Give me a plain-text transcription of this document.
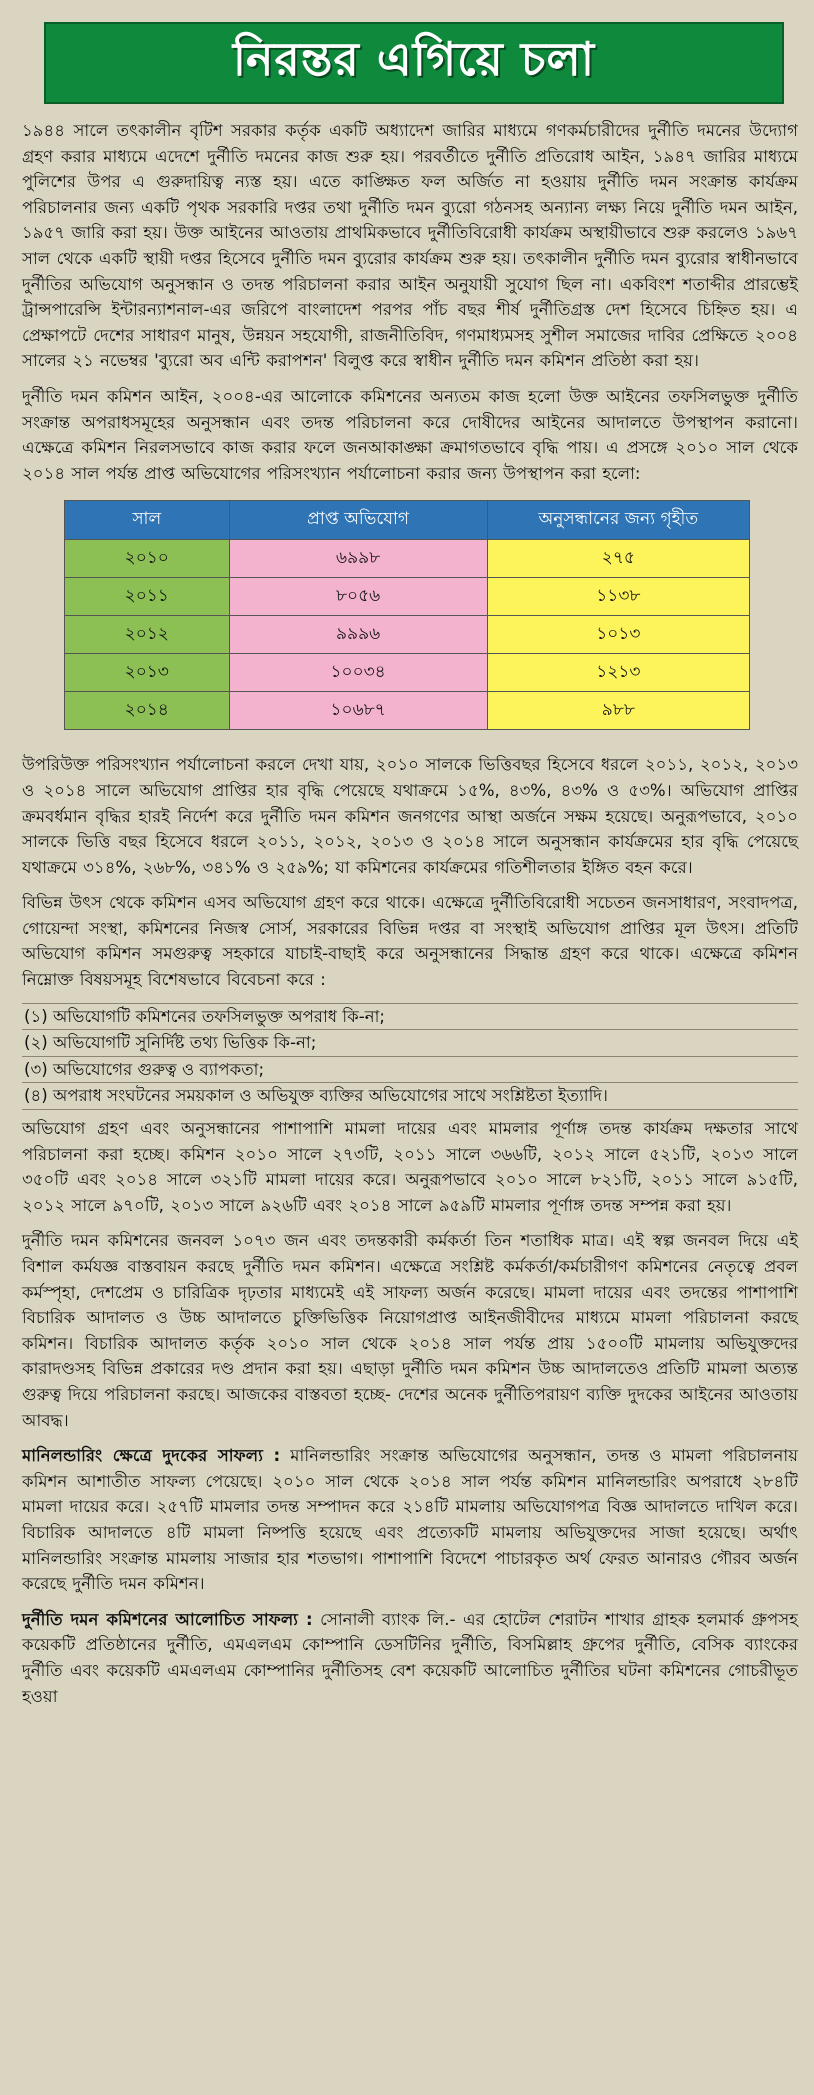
নিরন্তর এগিয়ে চলা

১৯৪৪ সালে তৎকালীন বৃটিশ সরকার কর্তৃক একটি অধ্যাদেশ জারির মাধ্যমে গণকর্মচারীদের দুর্নীতি দমনের উদ্যোগ গ্রহণ করার মাধ্যমে এদেশে দুর্নীতি দমনের কাজ শুরু হয়। পরবর্তীতে দুর্নীতি প্রতিরোধ আইন, ১৯৪৭ জারির মাধ্যমে পুলিশের উপর এ গুরুদায়িত্ব ন্যস্ত হয়। এতে কাঙ্ক্ষিত ফল অর্জিত না হওয়ায় দুর্নীতি দমন সংক্রান্ত কার্যক্রম পরিচালনার জন্য একটি পৃথক সরকারি দপ্তর তথা দুর্নীতি দমন ব্যুরো গঠনসহ অন্যান্য লক্ষ্য নিয়ে দুর্নীতি দমন আইন, ১৯৫৭ জারি করা হয়। উক্ত আইনের আওতায় প্রাথমিকভাবে দুর্নীতিবিরোধী কার্যক্রম অস্থায়ীভাবে শুরু করলেও ১৯৬৭ সাল থেকে একটি স্থায়ী দপ্তর হিসেবে দুর্নীতি দমন ব্যুরোর কার্যক্রম শুরু হয়। তৎকালীন দুর্নীতি দমন ব্যুরোর স্বাধীনভাবে দুর্নীতির অভিযোগ অনুসন্ধান ও তদন্ত পরিচালনা করার আইন অনুযায়ী সুযোগ ছিল না। একবিংশ শতাব্দীর প্রারম্ভেই ট্রান্সপারেন্সি ইন্টারন্যাশনাল-এর জরিপে বাংলাদেশ পরপর পাঁচ বছর শীর্ষ দুর্নীতিগ্রস্ত দেশ হিসেবে চিহ্নিত হয়। এ প্রেক্ষাপটে দেশের সাধারণ মানুষ, উন্নয়ন সহযোগী, রাজনীতিবিদ, গণমাধ্যমসহ সুশীল সমাজের দাবির প্রেক্ষিতে ২০০৪ সালের ২১ নভেম্বর 'ব্যুরো অব এন্টি করাপশন' বিলুপ্ত করে স্বাধীন দুর্নীতি দমন কমিশন প্রতিষ্ঠা করা হয়।

দুর্নীতি দমন কমিশন আইন, ২০০৪-এর আলোকে কমিশনের অন্যতম কাজ হলো উক্ত আইনের তফসিলভুক্ত দুর্নীতি সংক্রান্ত অপরাধসমূহের অনুসন্ধান এবং তদন্ত পরিচালনা করে দোষীদের আইনের আদালতে উপস্থাপন করানো। এক্ষেত্রে কমিশন নিরলসভাবে কাজ করার ফলে জনআকাঙ্ক্ষা ক্রমাগতভাবে বৃদ্ধি পায়। এ প্রসঙ্গে ২০১০ সাল থেকে ২০১৪ সাল পর্যন্ত প্রাপ্ত অভিযোগের পরিসংখ্যান পর্যালোচনা করার জন্য উপস্থাপন করা হলো:

সাল	প্রাপ্ত অভিযোগ	অনুসন্ধানের জন্য গৃহীত
২০১০	৬৯৯৮	২৭৫
২০১১	৮০৫৬	১১৩৮
২০১২	৯৯৯৬	১০১৩
২০১৩	১০০৩৪	১২১৩
২০১৪	১০৬৮৭	৯৮৮

উপরিউক্ত পরিসংখ্যান পর্যালোচনা করলে দেখা যায়, ২০১০ সালকে ভিত্তিবছর হিসেবে ধরলে ২০১১, ২০১২, ২০১৩ ও ২০১৪ সালে অভিযোগ প্রাপ্তির হার বৃদ্ধি পেয়েছে যথাক্রমে ১৫%, ৪৩%, ৪৩% ও ৫৩%। অভিযোগ প্রাপ্তির ক্রমবর্ধমান বৃদ্ধির হারই নির্দেশ করে দুর্নীতি দমন কমিশন জনগণের আস্থা অর্জনে সক্ষম হয়েছে। অনুরূপভাবে, ২০১০ সালকে ভিত্তি বছর হিসেবে ধরলে ২০১১, ২০১২, ২০১৩ ও ২০১৪ সালে অনুসন্ধান কার্যক্রমের হার বৃদ্ধি পেয়েছে যথাক্রমে ৩১৪%, ২৬৮%, ৩৪১% ও ২৫৯%; যা কমিশনের কার্যক্রমের গতিশীলতার ইঙ্গিত বহন করে।

বিভিন্ন উৎস থেকে কমিশন এসব অভিযোগ গ্রহণ করে থাকে। এক্ষেত্রে দুর্নীতিবিরোধী সচেতন জনসাধারণ, সংবাদপত্র, গোয়েন্দা সংস্থা, কমিশনের নিজস্ব সোর্স, সরকারের বিভিন্ন দপ্তর বা সংস্থাই অভিযোগ প্রাপ্তির মূল উৎস। প্রতিটি অভিযোগ কমিশন সমগুরুত্ব সহকারে যাচাই-বাছাই করে অনুসন্ধানের সিদ্ধান্ত গ্রহণ করে থাকে। এক্ষেত্রে কমিশন নিম্নোক্ত বিষয়সমূহ বিশেষভাবে বিবেচনা করে :

(১) অভিযোগটি কমিশনের তফসিলভুক্ত অপরাধ কি-না;
(২) অভিযোগটি সুনির্দিষ্ট তথ্য ভিত্তিক কি-না;
(৩) অভিযোগের গুরুত্ব ও ব্যাপকতা;
(৪) অপরাধ সংঘটনের সময়কাল ও অভিযুক্ত ব্যক্তির অভিযোগের সাথে সংশ্লিষ্টতা ইত্যাদি।

অভিযোগ গ্রহণ এবং অনুসন্ধানের পাশাপাশি মামলা দায়ের এবং মামলার পূর্ণাঙ্গ তদন্ত কার্যক্রম দক্ষতার সাথে পরিচালনা করা হচ্ছে। কমিশন ২০১০ সালে ২৭৩টি, ২০১১ সালে ৩৬৬টি, ২০১২ সালে ৫২১টি, ২০১৩ সালে ৩৫০টি এবং ২০১৪ সালে ৩২১টি মামলা দায়ের করে। অনুরূপভাবে ২০১০ সালে ৮২১টি, ২০১১ সালে ৯১৫টি, ২০১২ সালে ৯৭০টি, ২০১৩ সালে ৯২৬টি এবং ২০১৪ সালে ৯৫৯টি মামলার পূর্ণাঙ্গ তদন্ত সম্পন্ন করা হয়।

দুর্নীতি দমন কমিশনের জনবল ১০৭৩ জন এবং তদন্তকারী কর্মকর্তা তিন শতাধিক মাত্র। এই স্বল্প জনবল দিয়ে এই বিশাল কর্মযজ্ঞ বাস্তবায়ন করছে দুর্নীতি দমন কমিশন। এক্ষেত্রে সংশ্লিষ্ট কর্মকর্তা/কর্মচারীগণ কমিশনের নেতৃত্বে প্রবল কর্মস্পৃহা, দেশপ্রেম ও চারিত্রিক দৃঢ়তার মাধ্যমেই এই সাফল্য অর্জন করেছে। মামলা দায়ের এবং তদন্তের পাশাপাশি বিচারিক আদালত ও উচ্চ আদালতে চুক্তিভিত্তিক নিয়োগপ্রাপ্ত আইনজীবীদের মাধ্যমে মামলা পরিচালনা করছে কমিশন। বিচারিক আদালত কর্তৃক ২০১০ সাল থেকে ২০১৪ সাল পর্যন্ত প্রায় ১৫০০টি মামলায় অভিযুক্তদের কারাদণ্ডসহ বিভিন্ন প্রকারের দণ্ড প্রদান করা হয়। এছাড়া দুর্নীতি দমন কমিশন উচ্চ আদালতেও প্রতিটি মামলা অত্যন্ত গুরুত্ব দিয়ে পরিচালনা করছে। আজকের বাস্তবতা হচ্ছে- দেশের অনেক দুর্নীতিপরায়ণ ব্যক্তি দুদকের আইনের আওতায় আবদ্ধ।

মানিলন্ডারিং ক্ষেত্রে দুদকের সাফল্য : মানিলন্ডারিং সংক্রান্ত অভিযোগের অনুসন্ধান, তদন্ত ও মামলা পরিচালনায় কমিশন আশাতীত সাফল্য পেয়েছে। ২০১০ সাল থেকে ২০১৪ সাল পর্যন্ত কমিশন মানিলন্ডারিং অপরাধে ২৮৪টি মামলা দায়ের করে। ২৫৭টি মামলার তদন্ত সম্পাদন করে ২১৪টি মামলায় অভিযোগপত্র বিজ্ঞ আদালতে দাখিল করে। বিচারিক আদালতে ৪টি মামলা নিষ্পত্তি হয়েছে এবং প্রত্যেকটি মামলায় অভিযুক্তদের সাজা হয়েছে। অর্থাৎ মানিলন্ডারিং সংক্রান্ত মামলায় সাজার হার শতভাগ। পাশাপাশি বিদেশে পাচারকৃত অর্থ ফেরত আনারও গৌরব অর্জন করেছে দুর্নীতি দমন কমিশন।

দুর্নীতি দমন কমিশনের আলোচিত সাফল্য : সোনালী ব্যাংক লি.- এর হোটেল শেরাটন শাখার গ্রাহক হলমার্ক গ্রুপসহ কয়েকটি প্রতিষ্ঠানের দুর্নীতি, এমএলএম কোম্পানি ডেসটিনির দুর্নীতি, বিসমিল্লাহ গ্রুপের দুর্নীতি, বেসিক ব্যাংকের দুর্নীতি এবং কয়েকটি এমএলএম কোম্পানির দুর্নীতিসহ বেশ কয়েকটি আলোচিত দুর্নীতির ঘটনা কমিশনের গোচরীভূত হওয়া
